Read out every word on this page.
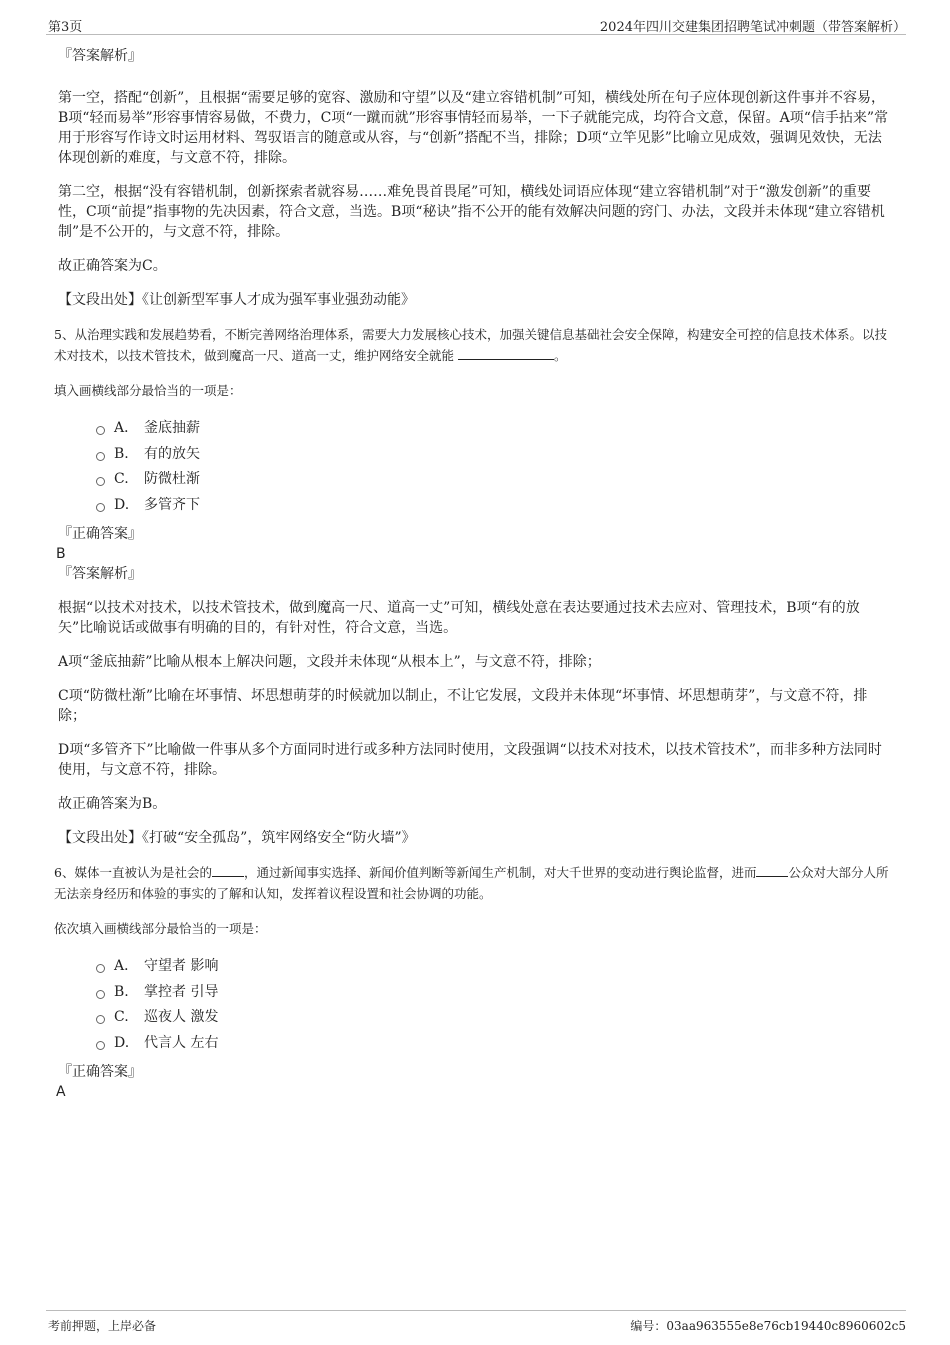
第3页	2024年四川交建集团招聘笔试冲刺题（带答案解析）

『答案解析』

第一空，搭配“创新”，且根据“需要足够的宽容、激励和守望”以及“建立容错机制”可知，横线处所在句子应体现创新这件事并不容易，B项“轻而易举”形容事情容易做，不费力，C项“一蹴而就”形容事情轻而易举，一下子就能完成，均符合文意，保留。A项“信手拈来”常用于形容写作诗文时运用材料、驾驭语言的随意或从容，与“创新”搭配不当，排除；D项“立竿见影”比喻立见成效，强调见效快，无法体现创新的难度，与文意不符，排除。

第二空，根据“没有容错机制，创新探索者就容易……难免畏首畏尾”可知，横线处词语应体现“建立容错机制”对于“激发创新”的重要性，C项“前提”指事物的先决因素，符合文意，当选。B项“秘诀”指不公开的能有效解决问题的窍门、办法，文段并未体现“建立容错机制”是不公开的，与文意不符，排除。

故正确答案为C。

【文段出处】《让创新型军事人才成为强军事业强劲动能》

5、从治理实践和发展趋势看，不断完善网络治理体系，需要大力发展核心技术，加强关键信息基础社会安全保障，构建安全可控的信息技术体系。以技术对技术，以技术管技术，做到魔高一尺、道高一丈，维护网络安全就能	。

填入画横线部分最恰当的一项是：

A． 釜底抽薪
B.	有的放矢
C.	防微杜渐
D.	多管齐下

『正确答案』

B

『答案解析』

根据“以技术对技术，以技术管技术，做到魔高一尺、道高一丈”可知，横线处意在表达要通过技术去应对、管理技术，B项“有的放矢”比喻说话或做事有明确的目的，有针对性，符合文意，当选。

A项“釜底抽薪”比喻从根本上解决问题，文段并未体现“从根本上”，与文意不符，排除；

C项“防微杜渐”比喻在坏事情、坏思想萌芽的时候就加以制止，不让它发展，文段并未体现“坏事情、坏思想萌芽”，与文意不符，排除；

D项“多管齐下”比喻做一件事从多个方面同时进行或多种方法同时使用，文段强调“以技术对技术，以技术管技术”，而非多种方法同时使用，与文意不符，排除。

故正确答案为B。

【文段出处】《打破“安全孤岛”，筑牢网络安全“防火墙”》

6、媒体一直被认为是社会的	，通过新闻事实选择、新闻价值判断等新闻生产机制，对大千世界的变动进行舆论监督，进而	公众对大部分人所无法亲身经历和体验的事实的了解和认知，发挥着议程设置和社会协调的功能。

依次填入画横线部分最恰当的一项是：

A． 守望者 影响
B.	掌控者 引导
C.	巡夜人 激发
D.	代言人 左右

『正确答案』

A

考前押题，上岸必备	编号：03aa963555e8e76cb19440c8960602c5
